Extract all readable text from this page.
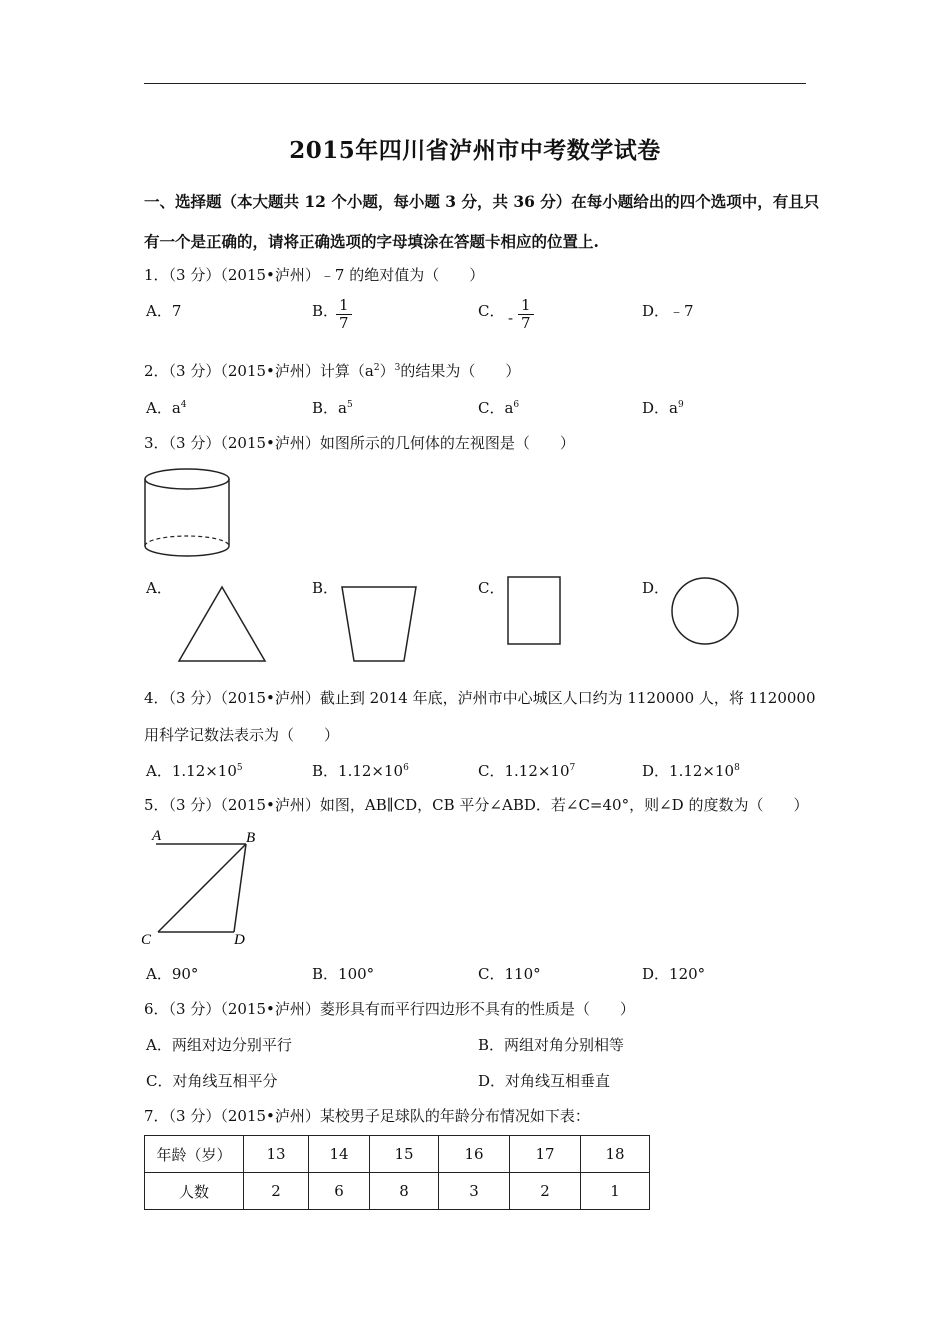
2015年四川省泸州市中考数学试卷
一、选择题（本大题共 12 个小题，每小题 3 分，共 36 分）在每小题给出的四个选项中，有且只
有一个是正确的，请将正确选项的字母填涂在答题卡相应的位置上.
1．（3 分）（2015•泸州）﹣7 的绝对值为（　　）
A．7	B．
$\frac{1}{7}$	C． - $\frac{1}{7}$	D．﹣7
2．（3 分）（2015•泸州）计算$(a^2)^3$的结果为（　　）
A．$a^4$	B．$a^5$	C．$a^6$	D．$a^9$
3．（3 分）（2015•泸州）如图所示的几何体的左视图是（　　）
A．	B．	C．	D．
4．（3 分）（2015•泸州）截止到 2014 年底，泸州市中心城区人口约为 1120000 人，将 1120000
用科学记数法表示为（　　）
A．$1.12\times 10^5$	B．$1.12\times 10^6$	C．$1.12\times 10^7$	D．$1.12\times 10^8$
5．（3 分）（2015•泸州）如图，AB∥CD，CB 平分∠ABD．若∠C=40°，则∠D 的度数为（　　）
A	B
C	D
A．90°	B．100°	C．110°	D．120°
6．（3 分）（2015•泸州）菱形具有而平行四边形不具有的性质是（　　）
A．两组对边分别平行	B．两组对角分别相等
C．对角线互相平分	D．对角线互相垂直
7．（3 分）（2015•泸州）某校男子足球队的年龄分布情况如下表：
年龄（岁）	13	14	15	16	17	18
人数	2	6	8	3	2	1
